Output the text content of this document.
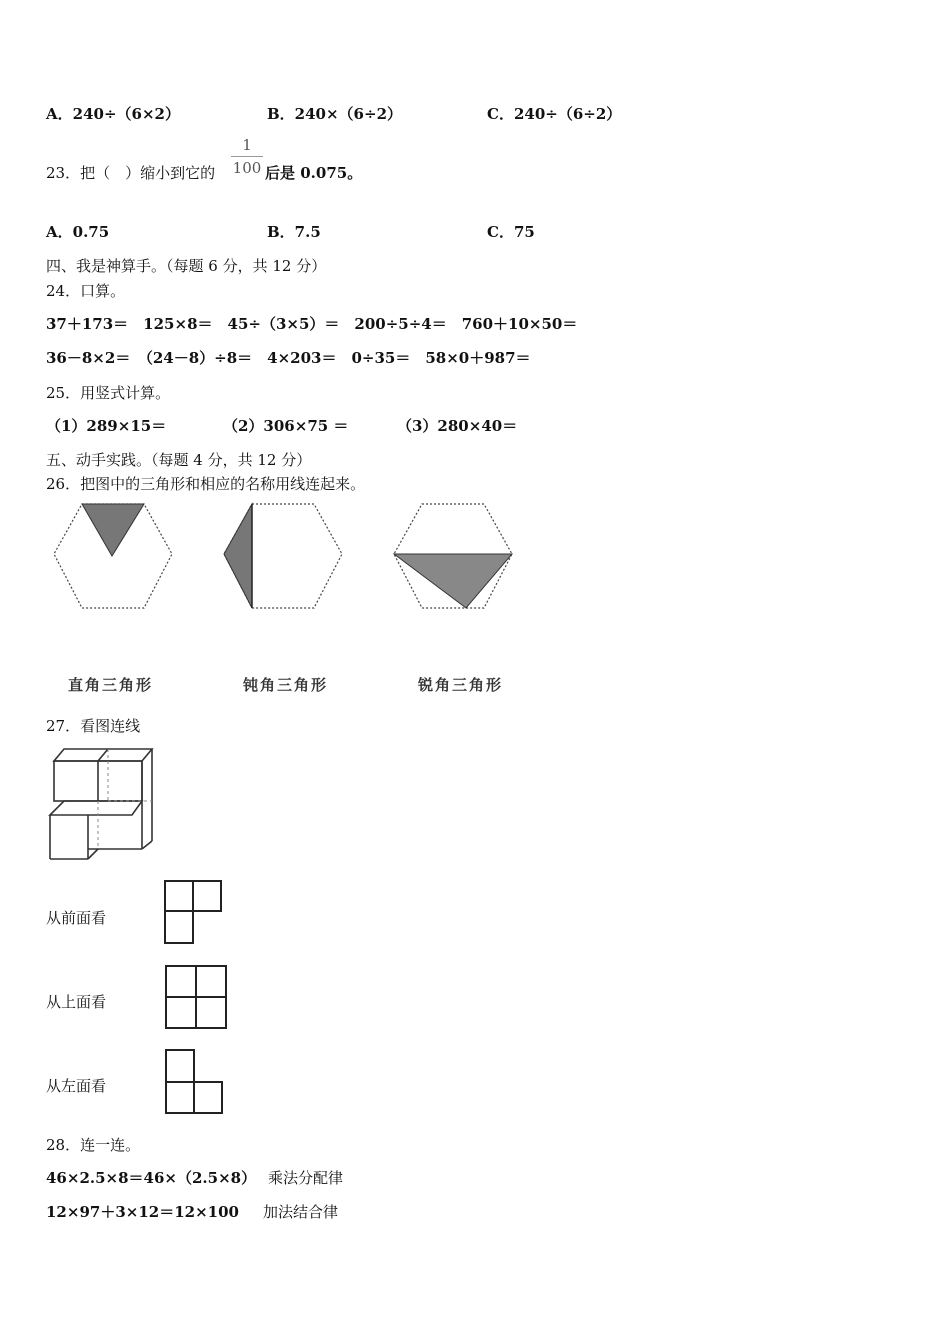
A．240÷（6×2）	B．240×（6÷2）	C．240÷（6÷2）
23．把（　）缩小到它的
1
100 后是 0.075。
A．0.75	B．7.5	C．75
四、我是神算手。（每题 6 分，共 12 分）
24．口算。
37＋173＝　125×8＝　45÷（3×5）＝　200÷5÷4＝　760＋10×50＝
36－8×2＝　（24－8）÷8＝　4×203＝　0÷35＝　58×0＋987＝
25．用竖式计算。
（1）289×15＝	（2）306×75 ＝	（3）280×40＝
五、动手实践。（每题 4 分，共 12 分）
26．把图中的三角形和相应的名称用线连起来。
直角三角形	钝角三角形	锐角三角形
27．看图连线
从前面看
从上面看
从左面看
28．连一连。
46×2.5×8＝46×（2.5×8） 乘法分配律
12×97＋3×12＝12×100 加法结合律
